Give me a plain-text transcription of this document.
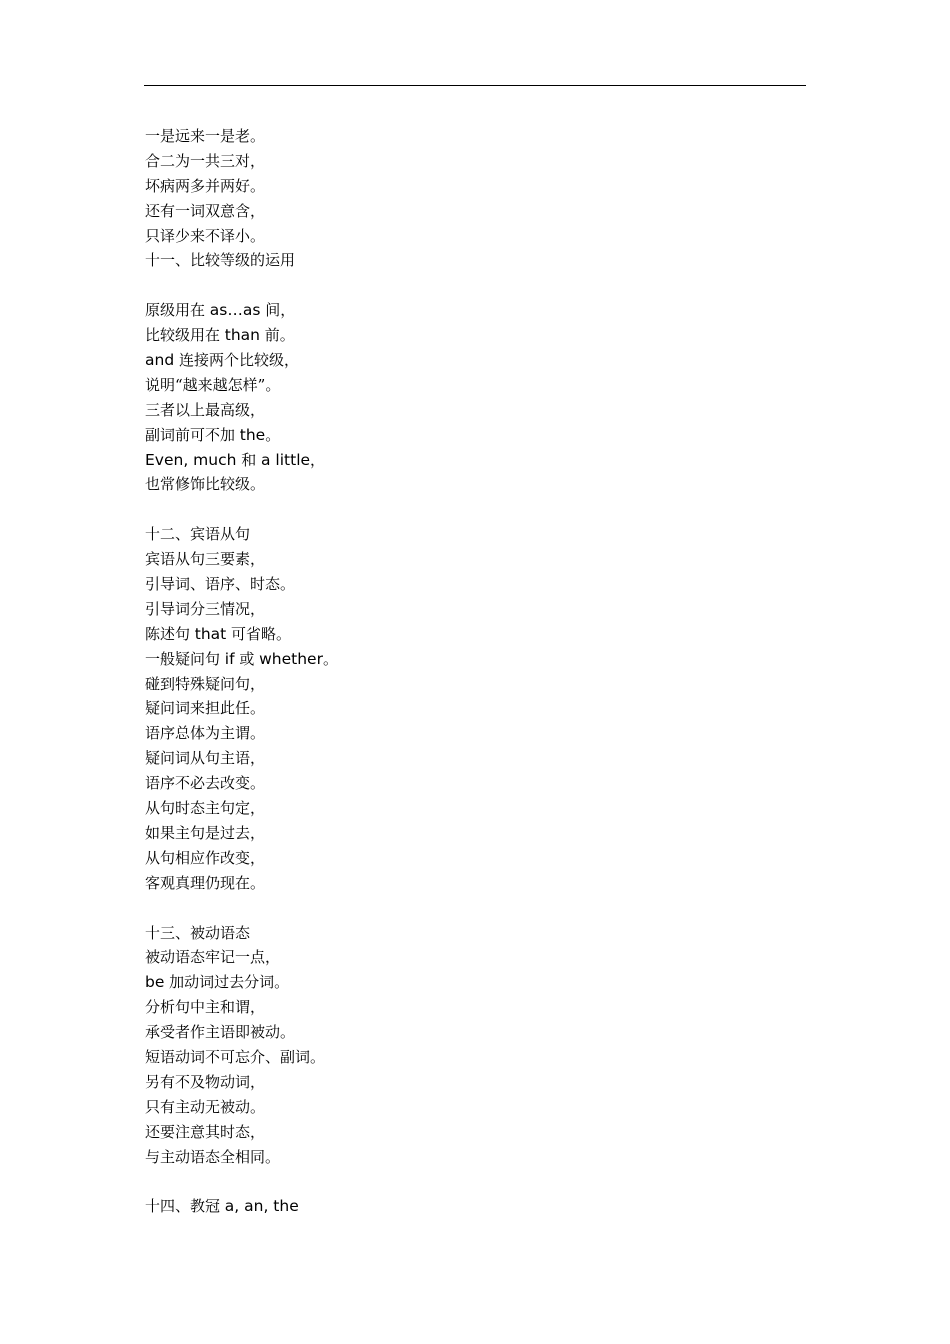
一是远来一是老。
合二为一共三对，
坏病两多并两好。
还有一词双意含，
只译少来不译小。
十一、比较等级的运用
原级用在 as…as 间，
比较级用在 than 前。
and 连接两个比较级，
说明“越来越怎样”。
三者以上最高级，
副词前可不加 the。
Even, much 和 a little，
也常修饰比较级。
十二、宾语从句
宾语从句三要素，
引导词、语序、时态。
引导词分三情况，
陈述句 that 可省略。
一般疑问句 if 或 whether。
碰到特殊疑问句，
疑问词来担此任。
语序总体为主谓。
疑问词从句主语，
语序不必去改变。
从句时态主句定，
如果主句是过去，
从句相应作改变，
客观真理仍现在。
十三、被动语态
被动语态牢记一点，
be 加动词过去分词。
分析句中主和谓，
承受者作主语即被动。
短语动词不可忘介、副词。
另有不及物动词，
只有主动无被动。
还要注意其时态，
与主动语态全相同。
十四、教冠 a, an, the
